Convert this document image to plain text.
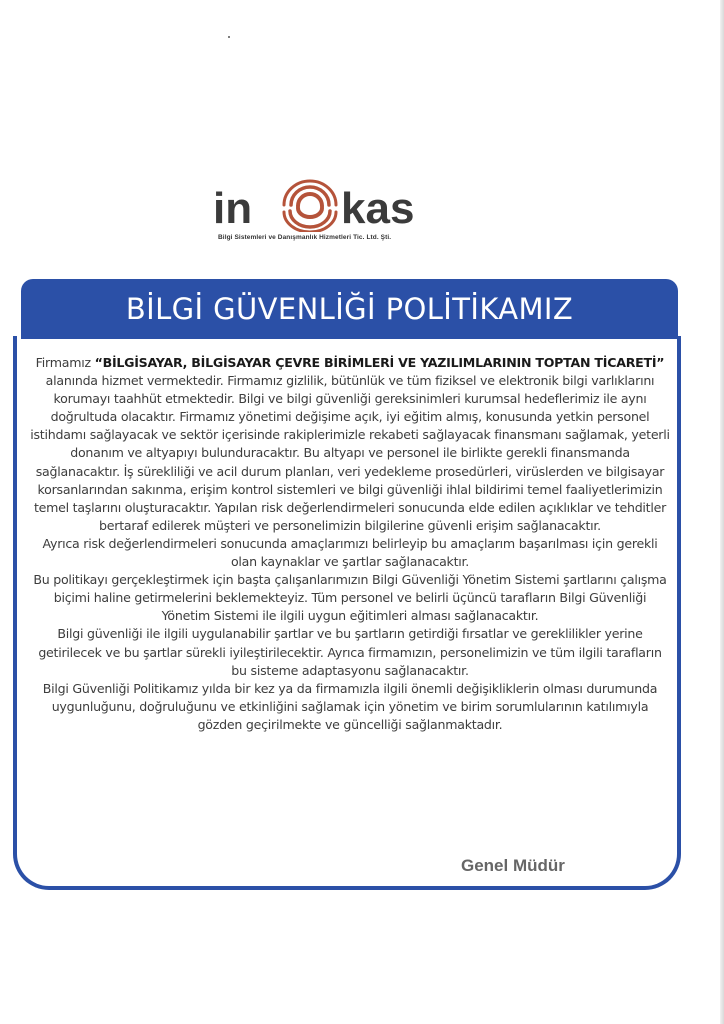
in kas
Bilgi Sistemleri ve Danışmanlık Hizmetleri Tic. Ltd. Şti.
BİLGİ GÜVENLİĞİ POLİTİKAMIZ

Firmamız “BİLGİSAYAR, BİLGİSAYAR ÇEVRE BİRİMLERİ VE YAZILIMLARININ TOPTAN TİCARETİ” alanında hizmet vermektedir. Firmamız gizlilik, bütünlük ve tüm fiziksel ve elektronik bilgi varlıklarını korumayı taahhüt etmektedir. Bilgi ve bilgi güvenliği gereksinimleri kurumsal hedeflerimiz ile aynı doğrultuda olacaktır. Firmamız yönetimi değişime açık, iyi eğitim almış, konusunda yetkin personel istihdamı sağlayacak ve sektör içerisinde rakiplerimizle rekabeti sağlayacak finansmanı sağlamak, yeterli donanım ve altyapıyı bulunduracaktır. Bu altyapı ve personel ile birlikte gerekli finansmanda sağlanacaktır. İş sürekliliği ve acil durum planları, veri yedekleme prosedürleri, virüslerden ve bilgisayar korsanlarından sakınma, erişim kontrol sistemleri ve bilgi güvenliği ihlal bildirimi temel faaliyetlerimizin temel taşlarını oluşturacaktır. Yapılan risk değerlendirmeleri sonucunda elde edilen açıklıklar ve tehditler bertaraf edilerek müşteri ve personelimizin bilgilerine güvenli erişim sağlanacaktır.

Ayrıca risk değerlendirmeleri sonucunda amaçlarımızı belirleyip bu amaçlarım başarılması için gerekli olan kaynaklar ve şartlar sağlanacaktır.

Bu politikayı gerçekleştirmek için başta çalışanlarımızın Bilgi Güvenliği Yönetim Sistemi şartlarını çalışma biçimi haline getirmelerini beklemekteyiz. Tüm personel ve belirli üçüncü tarafların Bilgi Güvenliği Yönetim Sistemi ile ilgili uygun eğitimleri alması sağlanacaktır.

Bilgi güvenliği ile ilgili uygulanabilir şartlar ve bu şartların getirdiği fırsatlar ve gereklilikler yerine getirilecek ve bu şartlar sürekli iyileştirilecektir. Ayrıca firmamızın, personelimizin ve tüm ilgili tarafların bu sisteme adaptasyonu sağlanacaktır.

Bilgi Güvenliği Politikamız yılda bir kez ya da firmamızla ilgili önemli değişikliklerin olması durumunda uygunluğunu, doğruluğunu ve etkinliğini sağlamak için yönetim ve birim sorumlularının katılımıyla gözden geçirilmekte ve güncelliği sağlanmaktadır.

Genel Müdür
